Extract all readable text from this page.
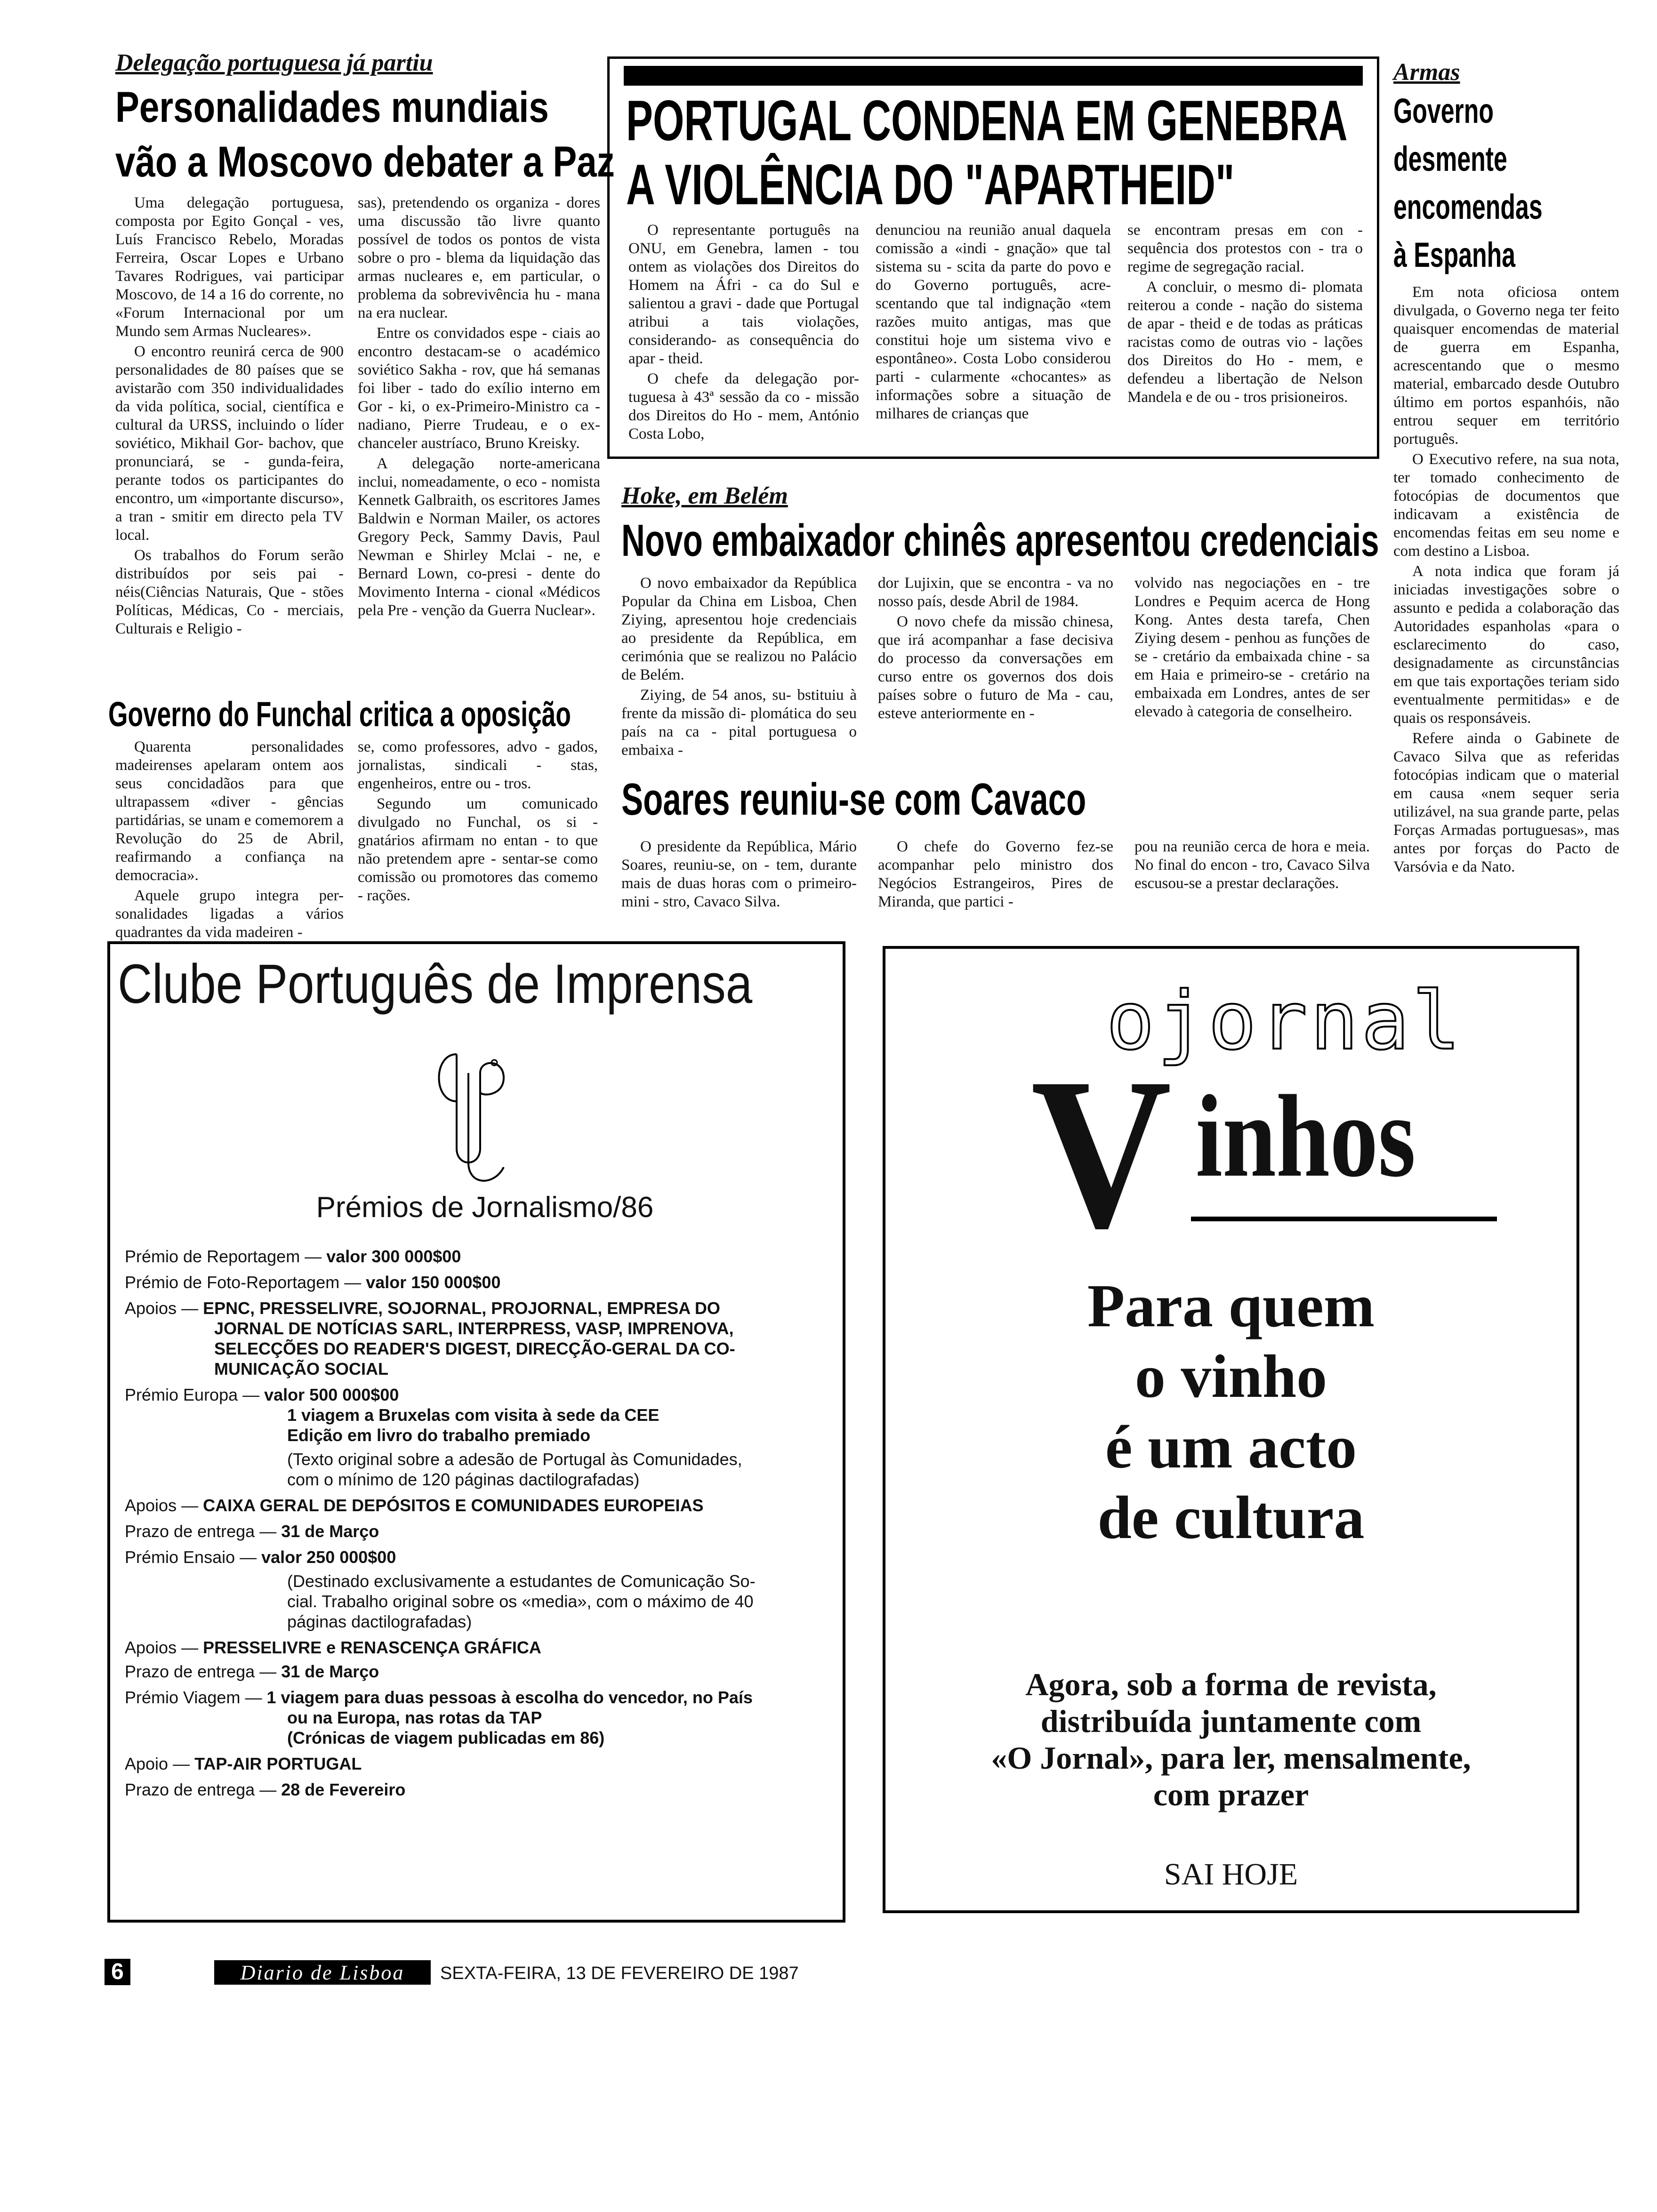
Delegação portuguesa já partiu
Personalidades mundiais
vão a Moscovo debater a Paz

Uma delegação portuguesa, composta por Egito Gonçal - ves, Luís Francisco Rebelo, Moradas Ferreira, Oscar Lopes e Urbano Tavares Rodrigues, vai participar Moscovo, de 14 a 16 do corrente, no «Forum Internacional por um Mundo sem Armas Nucleares».

O encontro reunirá cerca de 900 personalidades de 80 países que se avistarão com 350 individualidades da vida política, social, científica e cultural da URSS, incluindo o líder soviético, Mikhail Gor- bachov, que pronunciará, se - gunda-feira, perante todos os participantes do encontro, um «importante discurso», a tran - smitir em directo pela TV local.

Os trabalhos do Forum serão distribuídos por seis pai - néis(Ciências Naturais, Que - stões Políticas, Médicas, Co - merciais, Culturais e Religio -

sas), pretendendo os organiza - dores uma discussão tão livre quanto possível de todos os pontos de vista sobre o pro - blema da liquidação das armas nucleares e, em particular, o problema da sobrevivência hu - mana na era nuclear.

Entre os convidados espe - ciais ao encontro destacam-se o académico soviético Sakha - rov, que há semanas foi liber - tado do exílio interno em Gor - ki, o ex-Primeiro-Ministro ca - nadiano, Pierre Trudeau, e o ex-chanceler austríaco, Bruno Kreisky.

A delegação norte-americana inclui, nomeadamente, o eco - nomista Kennetk Galbraith, os escritores James Baldwin e Norman Mailer, os actores Gregory Peck, Sammy Davis, Paul Newman e Shirley Mclai - ne, e Bernard Lown, co-presi - dente do Movimento Interna - cional «Médicos pela Pre - venção da Guerra Nuclear».

Governo do Funchal critica a oposição

Quarenta personalidades madeirenses apelaram ontem aos seus concidadãos para que ultrapassem «diver - gências partidárias, se unam e comemorem a Revolução do 25 de Abril, reafirmando a confiança na democracia».

Aquele grupo integra per- sonalidades ligadas a vários quadrantes da vida madeiren -

se, como professores, advo - gados, jornalistas, sindicali - stas, engenheiros, entre ou - tros.

Segundo um comunicado divulgado no Funchal, os si - gnatários afirmam no entan - to que não pretendem apre - sentar-se como comissão ou promotores das comemo - rações.

PORTUGAL CONDENA EM GENEBRA
A VIOLÊNCIA DO "APARTHEID"

O representante português na ONU, em Genebra, lamen - tou ontem as violações dos Direitos do Homem na Áfri - ca do Sul e salientou a gravi - dade que Portugal atribui a tais violações, considerando- as consequência do apar - theid.

O chefe da delegação por- tuguesa à 43ª sessão da co - missão dos Direitos do Ho - mem, António Costa Lobo,

denunciou na reunião anual daquela comissão a «indi - gnação» que tal sistema su - scita da parte do povo e do Governo português, acre- scentando que tal indignação «tem razões muito antigas, mas que constitui hoje um sistema vivo e espontâneo». Costa Lobo considerou parti - cularmente «chocantes» as informações sobre a situação de milhares de crianças que

se encontram presas em con - sequência dos protestos con - tra o regime de segregação racial.

A concluir, o mesmo di- plomata reiterou a conde - nação do sistema de apar - theid e de todas as práticas racistas como de outras vio - lações dos Direitos do Ho - mem, e defendeu a libertação de Nelson Mandela e de ou - tros prisioneiros.

Hoke, em Belém
Novo embaixador chinês apresentou credenciais

O novo embaixador da República Popular da China em Lisboa, Chen Ziying, apresentou hoje credenciais ao presidente da República, em cerimónia que se realizou no Palácio de Belém.

Ziying, de 54 anos, su- bstituiu à frente da missão di- plomática do seu país na ca - pital portuguesa o embaixa -

dor Lujixin, que se encontra - va no nosso país, desde Abril de 1984.

O novo chefe da missão chinesa, que irá acompanhar a fase decisiva do processo da conversações em curso entre os governos dos dois países sobre o futuro de Ma - cau, esteve anteriormente en -

volvido nas negociações en - tre Londres e Pequim acerca de Hong Kong. Antes desta tarefa, Chen Ziying desem - penhou as funções de se - cretário da embaixada chine - sa em Haia e primeiro-se - cretário na embaixada em Londres, antes de ser elevado à categoria de conselheiro.

Soares reuniu-se com Cavaco

O presidente da República, Mário Soares, reuniu-se, on - tem, durante mais de duas horas com o primeiro-mini - stro, Cavaco Silva.

O chefe do Governo fez-se acompanhar pelo ministro dos Negócios Estrangeiros, Pires de Miranda, que partici -

pou na reunião cerca de hora e meia. No final do encon - tro, Cavaco Silva escusou-se a prestar declarações.

Armas
Governo
desmente
encomendas
à Espanha

Em nota oficiosa ontem divulgada, o Governo nega ter feito quaisquer encomendas de material de guerra em Espanha, acrescentando que o mesmo material, embarcado desde Outubro último em portos espanhóis, não entrou sequer em território português.

O Executivo refere, na sua nota, ter tomado conhecimento de fotocópias de documentos que indicavam a existência de encomendas feitas em seu nome e com destino a Lisboa.

A nota indica que foram já iniciadas investigações sobre o assunto e pedida a colaboração das Autoridades espanholas «para o esclarecimento do caso, designadamente as circunstâncias em que tais exportações teriam sido eventualmente permitidas» e de quais os responsáveis.

Refere ainda o Gabinete de Cavaco Silva que as referidas fotocópias indicam que o material em causa «nem sequer seria utilizável, na sua grande parte, pelas Forças Armadas portuguesas», mas antes por forças do Pacto de Varsóvia e da Nato.

Clube Português de Imprensa
Prémios de Jornalismo/86
Prémio de Reportagem — valor 300 000$00
Prémio de Foto-Reportagem — valor 150 000$00
Apoios — EPNC, PRESSELIVRE, SOJORNAL, PROJORNAL, EMPRESA DO
JORNAL DE NOTÍCIAS SARL, INTERPRESS, VASP, IMPRENOVA,
SELECÇÕES DO READER'S DIGEST, DIRECÇÃO-GERAL DA CO-
MUNICAÇÃO SOCIAL
Prémio Europa — valor 500 000$00
1 viagem a Bruxelas com visita à sede da CEE
Edição em livro do trabalho premiado
(Texto original sobre a adesão de Portugal às Comunidades,
com o mínimo de 120 páginas dactilografadas)
Apoios — CAIXA GERAL DE DEPÓSITOS E COMUNIDADES EUROPEIAS
Prazo de entrega — 31 de Março
Prémio Ensaio — valor 250 000$00
(Destinado exclusivamente a estudantes de Comunicação So-
cial. Trabalho original sobre os «media», com o máximo de 40
páginas dactilografadas)
Apoios — PRESSELIVRE e RENASCENÇA GRÁFICA
Prazo de entrega — 31 de Março
Prémio Viagem — 1 viagem para duas pessoas à escolha do vencedor, no País
ou na Europa, nas rotas da TAP
(Crónicas de viagem publicadas em 86)
Apoio — TAP-AIR PORTUGAL
Prazo de entrega — 28 de Fevereiro
ojornal
V inhos
Para quem
o vinho
é um acto
de cultura
Agora, sob a forma de revista,
distribuída juntamente com
«O Jornal», para ler, mensalmente,
com prazer
SAI HOJE
6	Diario de Lisboa	SEXTA-FEIRA, 13 DE FEVEREIRO DE 1987
